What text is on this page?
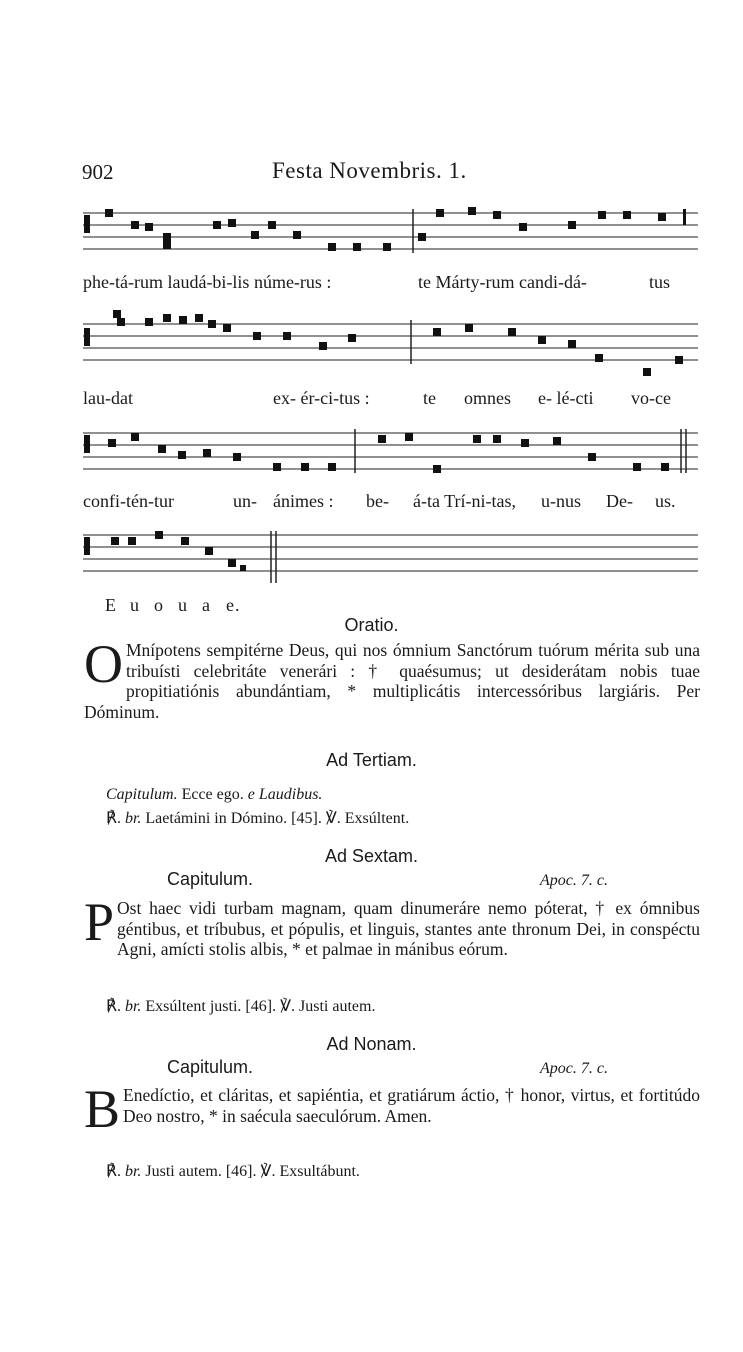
902	Festa Novembris. 1.
phe-tá-rum laudá-bi-lis núme-rus :	te Márty-rum candi-dá-	tus
lau-dat	ex- ér-ci-tus :	te omnes e- lé-cti vo-ce
confi-tén-tur	un- ánimes : be- á-ta Trí-ni-tas, u-nus De- us.
E u o u a e.
Oratio.
O Mnípotens sempitérne Deus, qui nos ómnium Sanctórum tuórum mérita sub una tribuísti celebritáte venerári : † quaésumus; ut desiderátam nobis tuae propitiatiónis abundántiam, * multiplicátis intercessóribus largiáris. Per Dóminum.
Ad Tertiam.
Capitulum. Ecce ego. e Laudibus.
℟. br. Laetámini in Dómino. [45]. ℣. Exsúltent.
Ad Sextam.
Capitulum.	Apoc. 7. c.
P Ost haec vidi turbam magnam, quam dinumeráre nemo póterat, † ex ómnibus géntibus, et tríbubus, et pópulis, et linguis, stantes ante thronum Dei, in conspéctu Agni, amícti stolis albis, * et palmae in mánibus eórum.
℟. br. Exsúltent justi. [46]. ℣. Justi autem.
Ad Nonam.
Capitulum.	Apoc. 7. c.
B Enedíctio, et cláritas, et sapiéntia, et gratiárum áctio, † honor, virtus, et fortitúdo Deo nostro, * in saécula saeculórum. Amen.
℟. br. Justi autem. [46]. ℣. Exsultábunt.
